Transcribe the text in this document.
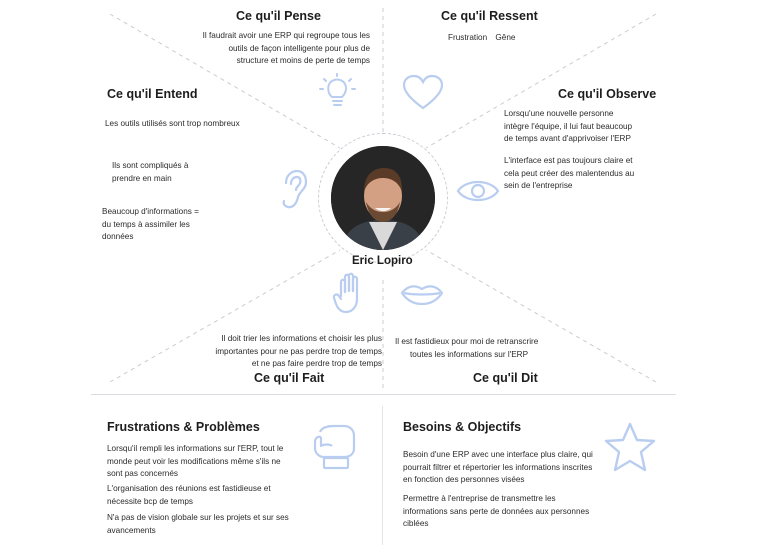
Ce qu'il Pense

Il faudrait avoir une ERP qui regroupe tous les

outils de façon intelligente pour plus de

structure et moins de perte de temps

Ce qu'il Ressent
Frustration Gêne
Ce qu'il Entend

Les outils utilisés sont trop nombreux

Ils sont compliqués à

prendre en main

Beaucoup d'informations =

du temps à assimiler les

données

Ce qu'il Observe

Lorsqu'une nouvelle personne

intègre l'équipe, il lui faut beaucoup

de temps avant d'apprivoiser l'ERP

L'interface est pas toujours claire et

cela peut créer des malentendus au

sein de l'entreprise

Eric Lopiro

Il doit trier les informations et choisir les plus

importantes pour ne pas perdre trop de temps

et ne pas faire perdre trop de temps

Ce qu'il Fait

Il est fastidieux pour moi de retranscrire

toutes les informations sur l'ERP

Ce qu'il Dit
Frustrations & Problèmes

Lorsqu'il rempli les informations sur l'ERP, tout le

monde peut voir les modifications même s'ils ne

sont pas concernés

L'organisation des réunions est fastidieuse et

nécessite bcp de temps

N'a pas de vision globale sur les projets et sur ses

avancements

Besoins & Objectifs

Besoin d'une ERP avec une interface plus claire, qui

pourrait filtrer et répertorier les informations inscrites

en fonction des personnes visées

Permettre à l'entreprise de transmettre les

informations sans perte de données aux personnes

ciblées
